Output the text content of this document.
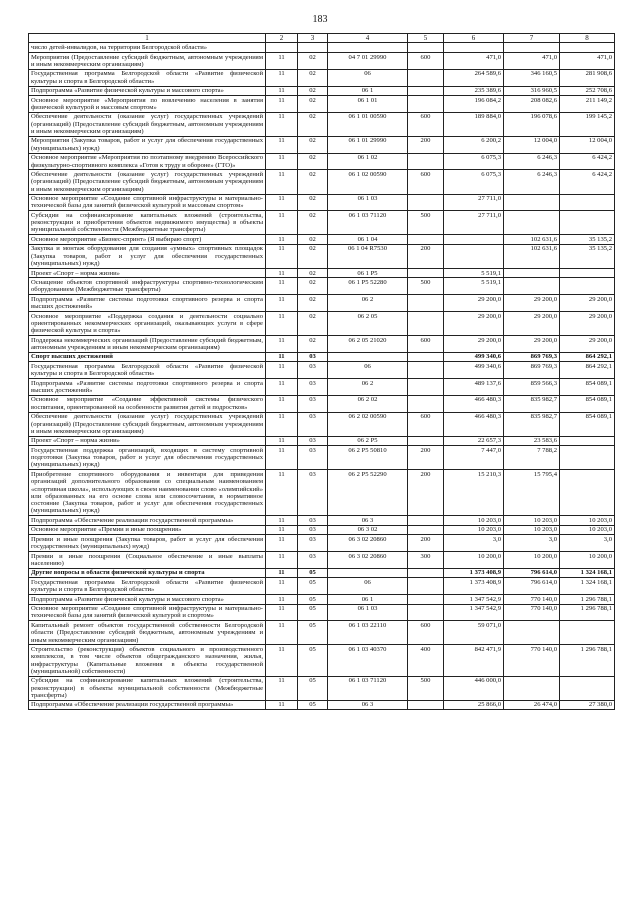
183
1	2	3	4	5	6	7	8
число детей-инвалидов, на территории Белгородской области»							
Мероприятия (Предоставление субсидий бюджетным, автономным учреждениям и иным некоммерческим организациям)	11	02	04 7 01 29990	600	471,0	471,0	471,0
Государственная программа Белгородской области «Развитие физической культуры и спорта в Белгородской области»	11	02	06		264 589,6	346 160,5	281 908,6
Подпрограмма «Развитие физической культуры и массового спорта»	11	02	06 1		235 389,6	316 960,5	252 708,6
Основное мероприятие «Мероприятия по вовлечению населения в занятия физической культурой и массовым спортом»	11	02	06 1 01		196 084,2	208 082,6	211 149,2
Обеспечение деятельности (оказание услуг) государственных учреждений (организаций) (Предоставление субсидий бюджетным, автономным учреждениям и иным некоммерческим организациям)	11	02	06 1 01 00590	600	189 884,0	196 078,6	199 145,2
Мероприятия (Закупка товаров, работ и услуг для обеспечения государственных (муниципальных) нужд)	11	02	06 1 01 29990	200	6 200,2	12 004,0	12 004,0
Основное мероприятие «Мероприятия по поэтапному внедрению Всероссийского физкультурно-спортивного комплекса «Готов к труду и обороне» (ГТО)»	11	02	06 1 02		6 075,3	6 246,3	6 424,2
Обеспечение деятельности (оказание услуг) государственных учреждений (организаций) (Предоставление субсидий бюджетным, автономным учреждениям и иным некоммерческим организациям)	11	02	06 1 02 00590	600	6 075,3	6 246,3	6 424,2
Основное мероприятие «Создание спортивной инфраструктуры и материально-технической базы для занятий физической культурой и массовым спортом»	11	02	06 1 03		27 711,0		
Субсидии на софинансирование капитальных вложений (строительства, реконструкции и приобретения объектов недвижимого имущества) в объекты муниципальной собственности (Межбюджетные трансферты)	11	02	06 1 03 71120	500	27 711,0		
Основное мероприятие «Бизнес-спринт» (Я выбираю спорт)	11	02	06 1 04			102 631,6	35 135,2
Закупка и монтаж оборудования для создания «умных» спортивных площадок (Закупка товаров, работ и услуг для обеспечения государственных (муниципальных) нужд)	11	02	06 1 04 R7530	200		102 631,6	35 135,2
Проект «Спорт – норма жизни»	11	02	06 1 P5		5 519,1		
Оснащение объектов спортивной инфраструктуры спортивно-технологическим оборудованием (Межбюджетные трансферты)	11	02	06 1 P5 52280	500	5 519,1		
Подпрограмма «Развитие системы подготовки спортивного резерва и спорта высших достижений»	11	02	06 2		29 200,0	29 200,0	29 200,0
Основное мероприятие «Поддержка создания и деятельности социально ориентированных некоммерческих организаций, оказывающих услуги в сфере физической культуры и спорта»	11	02	06 2 05		29 200,0	29 200,0	29 200,0
Поддержка некоммерческих организаций (Предоставление субсидий бюджетным, автономным учреждениям и иным некоммерческим организациям)	11	02	06 2 05 21020	600	29 200,0	29 200,0	29 200,0
Спорт высших достижений	11	03			499 340,6	869 769,3	864 292,1
Государственная программа Белгородской области «Развитие физической культуры и спорта в Белгородской области»	11	03	06		499 340,6	869 769,3	864 292,1
Подпрограмма «Развитие системы подготовки спортивного резерва и спорта высших достижений»	11	03	06 2		489 137,6	859 566,3	854 089,1
Основное мероприятие «Создание эффективной системы физического воспитания, ориентированной на особенности развития детей и подростков»	11	03	06 2 02		466 480,3	835 982,7	854 089,1
Обеспечение деятельности (оказание услуг) государственных учреждений (организаций) (Предоставление субсидий бюджетным, автономным учреждениям и иным некоммерческим организациям)	11	03	06 2 02 00590	600	466 480,3	835 982,7	854 089,1
Проект «Спорт – норма жизни»	11	03	06 2 P5		22 657,3	23 583,6	
Государственная поддержка организаций, входящих в систему спортивной подготовки (Закупка товаров, работ и услуг для обеспечения государственных (муниципальных) нужд)	11	03	06 2 P5 50810	200	7 447,0	7 788,2	
Приобретение спортивного оборудования и инвентаря для приведения организаций дополнительного образования со специальным наименованием «спортивная школа», использующих в своем наименовании слово «олимпийский» или образованных на его основе слова или словосочетания, в нормативное состояние (Закупка товаров, работ и услуг для обеспечения государственных (муниципальных) нужд)	11	03	06 2 P5 52290	200	15 210,3	15 795,4	
Подпрограмма «Обеспечение реализации государственной программы»	11	03	06 3		10 203,0	10 203,0	10 203,0
Основное мероприятие «Премии и иные поощрения»	11	03	06 3 02		10 203,0	10 203,0	10 203,0
Премии и иные поощрения (Закупка товаров, работ и услуг для обеспечения государственных (муниципальных) нужд)	11	03	06 3 02 20860	200	3,0	3,0	3,0
Премии и иные поощрения (Социальное обеспечение и иные выплаты населению)	11	03	06 3 02 20860	300	10 200,0	10 200,0	10 200,0
Другие вопросы в области физической культуры и спорта	11	05			1 373 408,9	796 614,0	1 324 168,1
Государственная программа Белгородской области «Развитие физической культуры и спорта в Белгородской области»	11	05	06		1 373 408,9	796 614,0	1 324 168,1
Подпрограмма «Развитие физической культуры и массового спорта»	11	05	06 1		1 347 542,9	770 140,0	1 296 788,1
Основное мероприятие «Создание спортивной инфраструктуры и материально-технической базы для занятий физической культурой и спортом»	11	05	06 1 03		1 347 542,9	770 140,0	1 296 788,1
Капитальный ремонт объектов государственной собственности Белгородской области (Предоставление субсидий бюджетным, автономным учреждениям и иным некоммерческим организациям)	11	05	06 1 03 22110	600	59 071,0		
Строительство (реконструкция) объектов социального и производственного комплексов, в том числе объектов общегражданского назначения, жилья, инфраструктуры (Капитальные вложения в объекты государственной (муниципальной) собственности)	11	05	06 1 03 40370	400	842 471,9	770 140,0	1 296 788,1
Субсидии на софинансирование капитальных вложений (строительства, реконструкции) в объекты муниципальной собственности (Межбюджетные трансферты)	11	05	06 1 03 71120	500	446 000,0		
Подпрограмма «Обеспечение реализации государственной программы»	11	05	06 3		25 866,0	26 474,0	27 380,0
